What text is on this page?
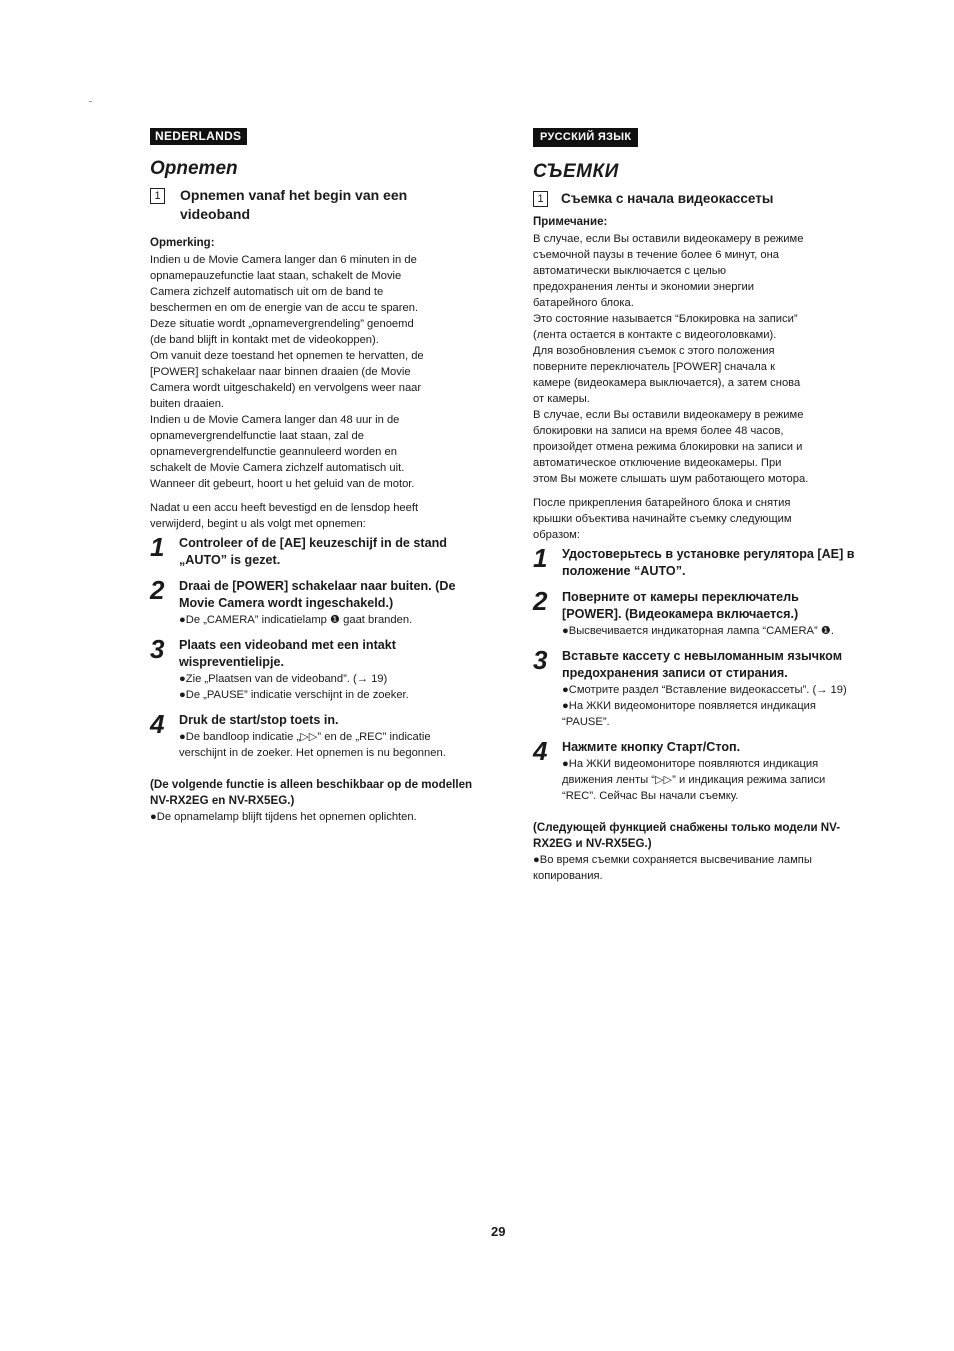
NEDERLANDS
Opnemen
1	Opnemen vanaf het begin van een videoband
Opmerking:
Indien u de Movie Camera langer dan 6 minuten in de
opnamepauzefunctie laat staan, schakelt de Movie
Camera zichzelf automatisch uit om de band te
beschermen en om de energie van de accu te sparen.
Deze situatie wordt „opnamevergrendeling” genoemd
(de band blijft in kontakt met de videokoppen).
Om vanuit deze toestand het opnemen te hervatten, de
[POWER] schakelaar naar binnen draaien (de Movie
Camera wordt uitgeschakeld) en vervolgens weer naar
buiten draaien.
Indien u de Movie Camera langer dan 48 uur in de
opnamevergrendelfunctie laat staan, zal de
opnamevergrendelfunctie geannuleerd worden en
schakelt de Movie Camera zichzelf automatisch uit.
Wanneer dit gebeurt, hoort u het geluid van de motor.
Nadat u een accu heeft bevestigd en de lensdop heeft
verwijderd, begint u als volgt met opnemen:
1	Controleer of de [AE] keuzeschijf in de stand „AUTO” is gezet.
2	Draai de [POWER] schakelaar naar buiten. (De Movie Camera wordt ingeschakeld.)
●De „CAMERA” indicatielamp ❶ gaat branden.
3	Plaats een videoband met een intakt wispreventielipje.
●Zie „Plaatsen van de videoband”. (→ 19)
●De „PAUSE” indicatie verschijnt in de zoeker.
4	Druk de start/stop toets in.
●De bandloop indicatie „▷▷” en de „REC” indicatie verschijnt in de zoeker. Het opnemen is nu begonnen.
(De volgende functie is alleen beschikbaar op de modellen NV-RX2EG en NV-RX5EG.)
●De opnamelamp blijft tijdens het opnemen oplichten.
РУССКИЙ ЯЗЫК
СЪЕМКИ
1	Съемка с начала видеокассеты
Примечание:
В случае, если Вы оставили видеокамеру в режиме
съемочной паузы в течение более 6 минут, она
автоматически выключается с целью
предохранения ленты и экономии энергии
батарейного блока.
Это состояние называется “Блокировка на записи”
(лента остается в контакте с видеоголовками).
Для возобновления съемок с этого положения
поверните переключатель [POWER] сначала к
камере (видеокамера выключается), а затем снова
от камеры.
В случае, если Вы оставили видеокамеру в режиме
блокировки на записи на время более 48 часов,
произойдет отмена режима блокировки на записи и
автоматическое отключение видеокамеры. При
этом Вы можете слышать шум работающего мотора.
После прикрепления батарейного блока и снятия
крышки объектива начинайте съемку следующим
образом:
1	Удостоверьтесь в установке регулятора [AE] в положение “AUTO”.
2	Поверните от камеры переключатель [POWER]. (Видеокамера включается.)
●Высвечивается индикаторная лампа “CAMERA” ❶.
3	Вставьте кассету с невыломанным язычком предохранения записи от стирания.
●Смотрите раздел “Вставление видеокассеты”. (→ 19)
●На ЖКИ видеомониторе появляется индикация “PAUSE”.
4	Нажмите кнопку Старт/Стоп.
●На ЖКИ видеомониторе появляются индикация движения ленты “▷▷” и индикация режима записи “REC”. Сейчас Вы начали съемку.
(Следующей функцией снабжены только модели NV-RX2EG и NV-RX5EG.)
●Во время съемки сохраняется высвечивание лампы копирования.
29
